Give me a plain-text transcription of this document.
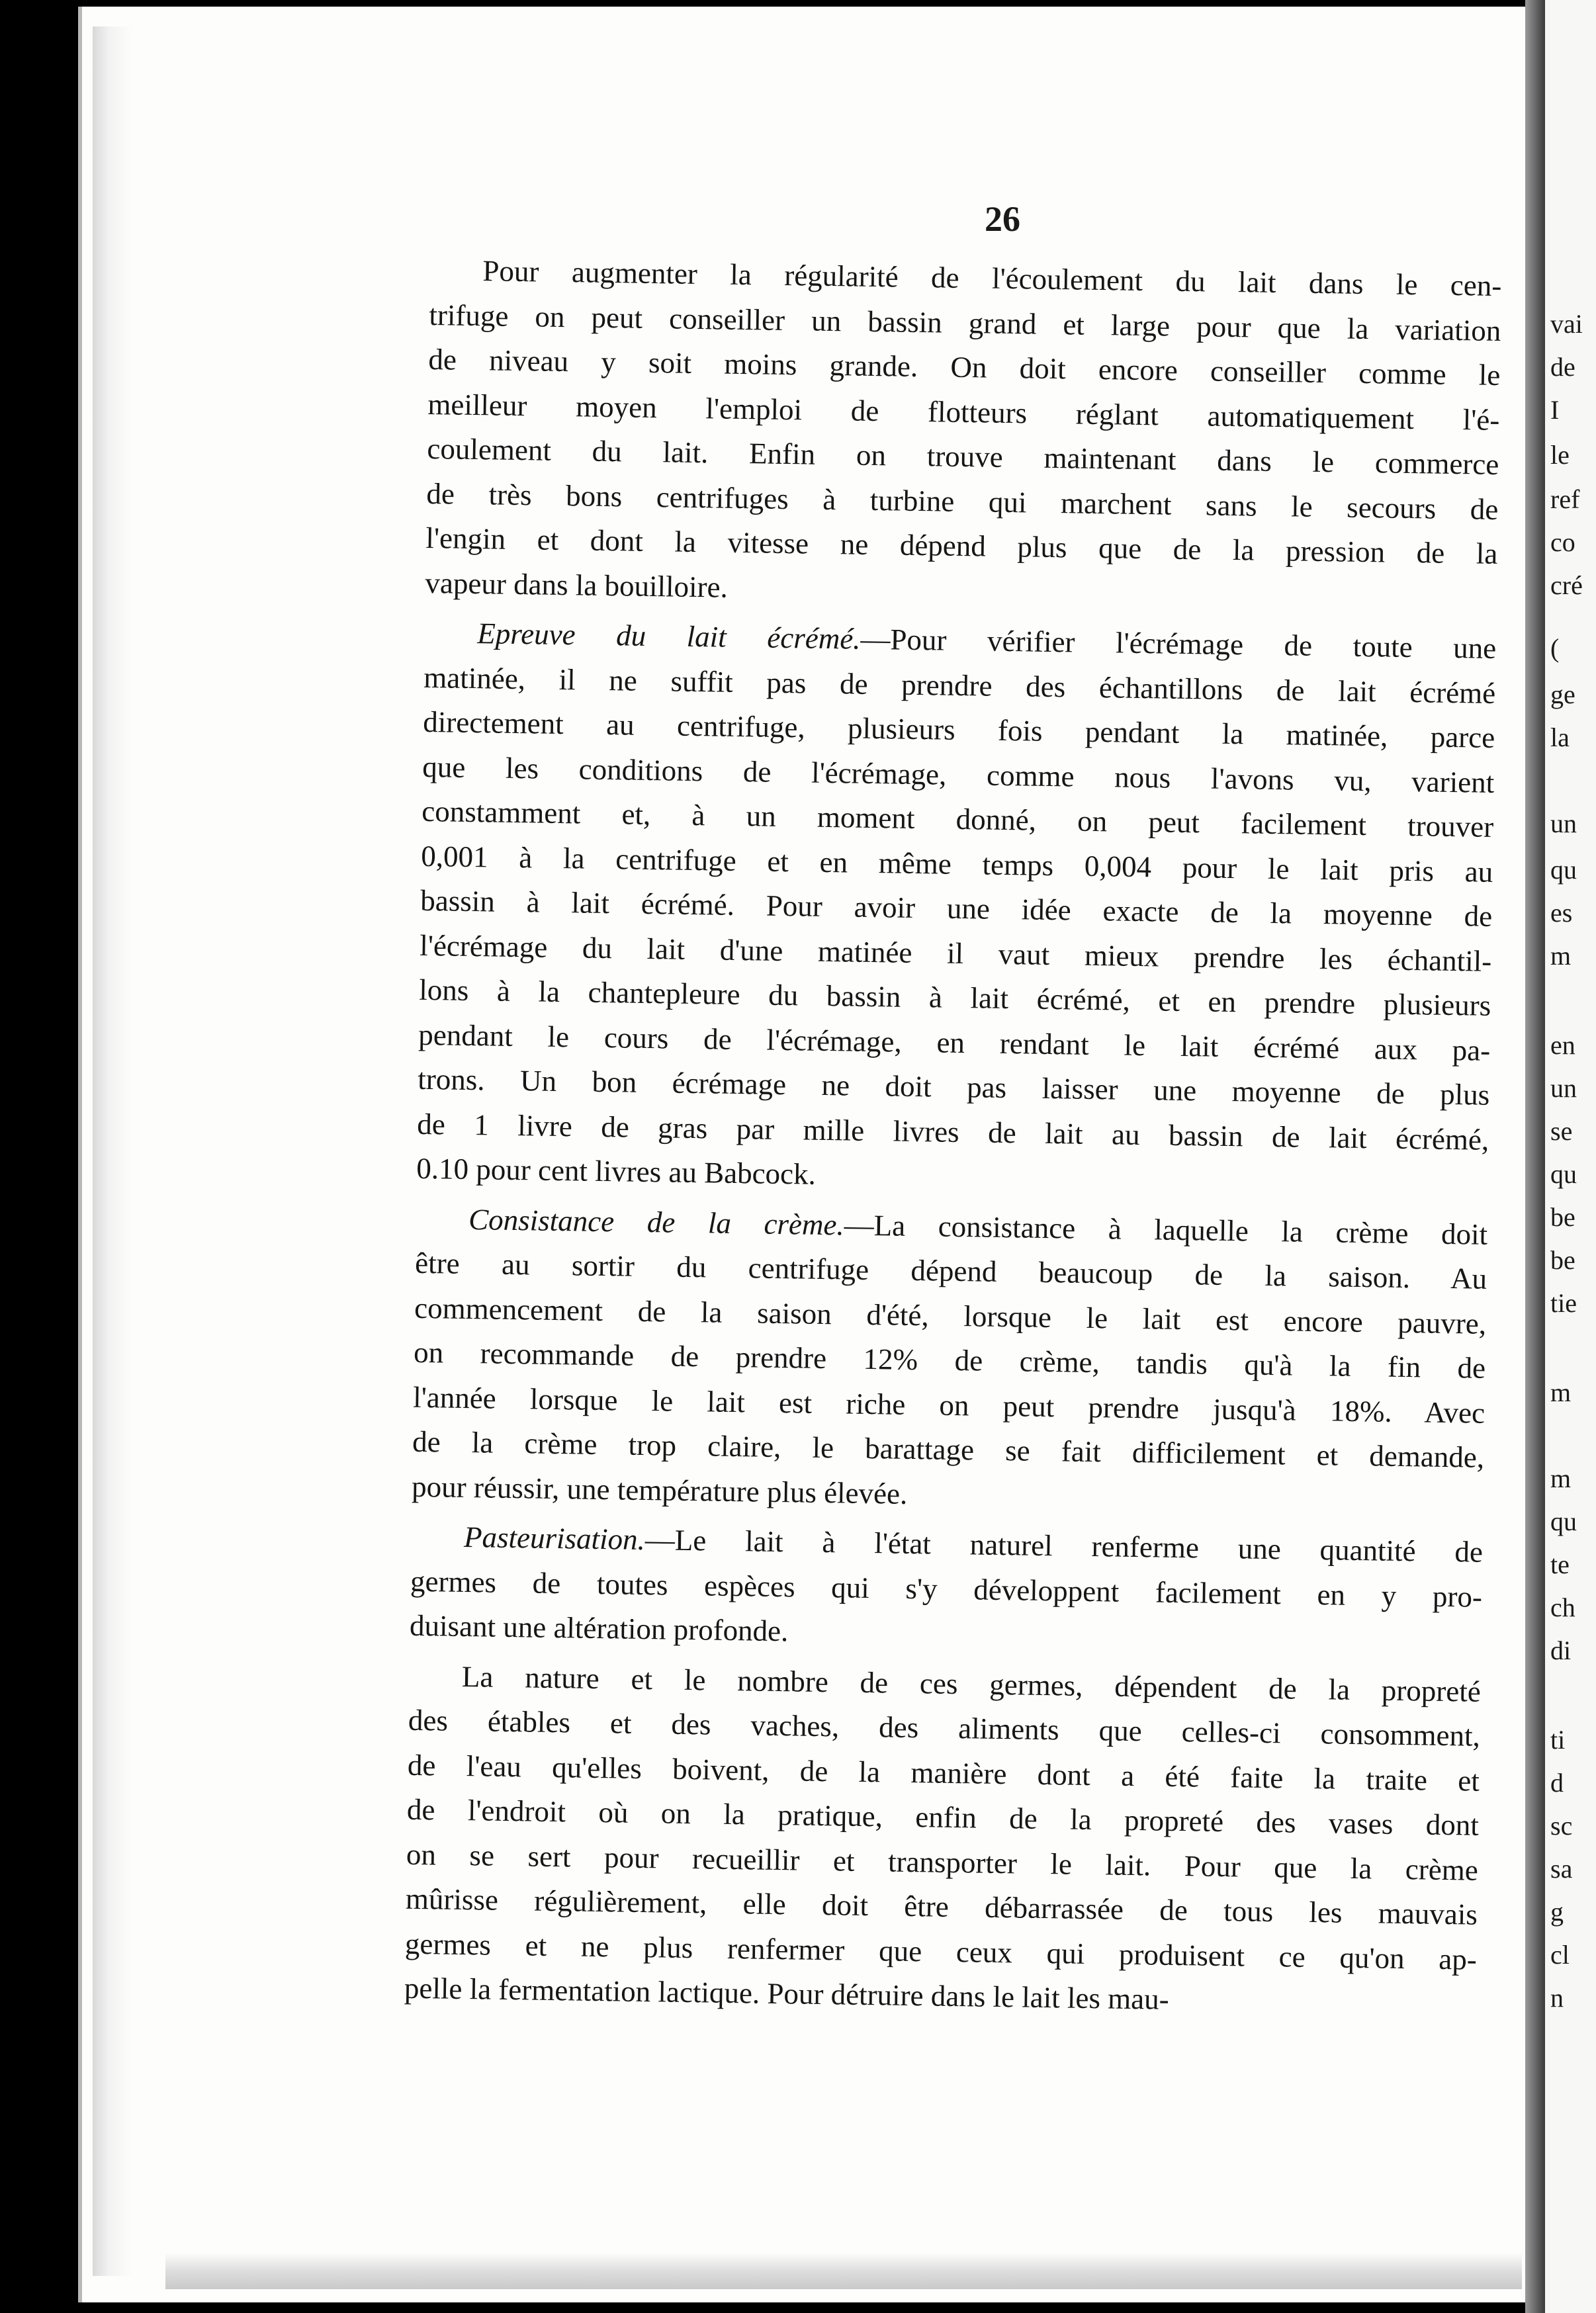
vai
de
I
le
ref
co
cré
(
ge
la
un
qu
es
m
en
un
se
qu
be
be
tie
m
m
qu
te
ch
di
ti
d
sc
sa
g
cl
n
26
Pour augmenter la régularité de l'écoulement du lait dans le cen-
trifuge on peut conseiller un bassin grand et large pour que la variation
de niveau y soit moins grande. On doit encore conseiller comme le
meilleur moyen l'emploi de flotteurs réglant automatiquement l'é-
coulement du lait. Enfin on trouve maintenant dans le commerce
de très bons centrifuges à turbine qui marchent sans le secours de
l'engin et dont la vitesse ne dépend plus que de la pression de la
vapeur dans la bouilloire.
Epreuve du lait écrémé.—Pour vérifier l'écrémage de toute une
matinée, il ne suffit pas de prendre des échantillons de lait écrémé
directement au centrifuge, plusieurs fois pendant la matinée, parce
que les conditions de l'écrémage, comme nous l'avons vu, varient
constamment et, à un moment donné, on peut facilement trouver
0,001 à la centrifuge et en même temps 0,004 pour le lait pris au
bassin à lait écrémé. Pour avoir une idée exacte de la moyenne de
l'écrémage du lait d'une matinée il vaut mieux prendre les échantil-
lons à la chantepleure du bassin à lait écrémé, et en prendre plusieurs
pendant le cours de l'écrémage, en rendant le lait écrémé aux pa-
trons. Un bon écrémage ne doit pas laisser une moyenne de plus
de 1 livre de gras par mille livres de lait au bassin de lait écrémé,
0.10 pour cent livres au Babcock.
Consistance de la crème.—La consistance à laquelle la crème doit
être au sortir du centrifuge dépend beaucoup de la saison. Au
commencement de la saison d'été, lorsque le lait est encore pauvre,
on recommande de prendre 12% de crème, tandis qu'à la fin de
l'année lorsque le lait est riche on peut prendre jusqu'à 18%. Avec
de la crème trop claire, le barattage se fait difficilement et demande,
pour réussir, une température plus élevée.
Pasteurisation.—Le lait à l'état naturel renferme une quantité de
germes de toutes espèces qui s'y développent facilement en y pro-
duisant une altération profonde.
La nature et le nombre de ces germes, dépendent de la propreté
des étables et des vaches, des aliments que celles-ci consomment,
de l'eau qu'elles boivent, de la manière dont a été faite la traite et
de l'endroit où on la pratique, enfin de la propreté des vases dont
on se sert pour recueillir et transporter le lait. Pour que la crème
mûrisse régulièrement, elle doit être débarrassée de tous les mauvais
germes et ne plus renfermer que ceux qui produisent ce qu'on ap-
pelle la fermentation lactique. Pour détruire dans le lait les mau-
